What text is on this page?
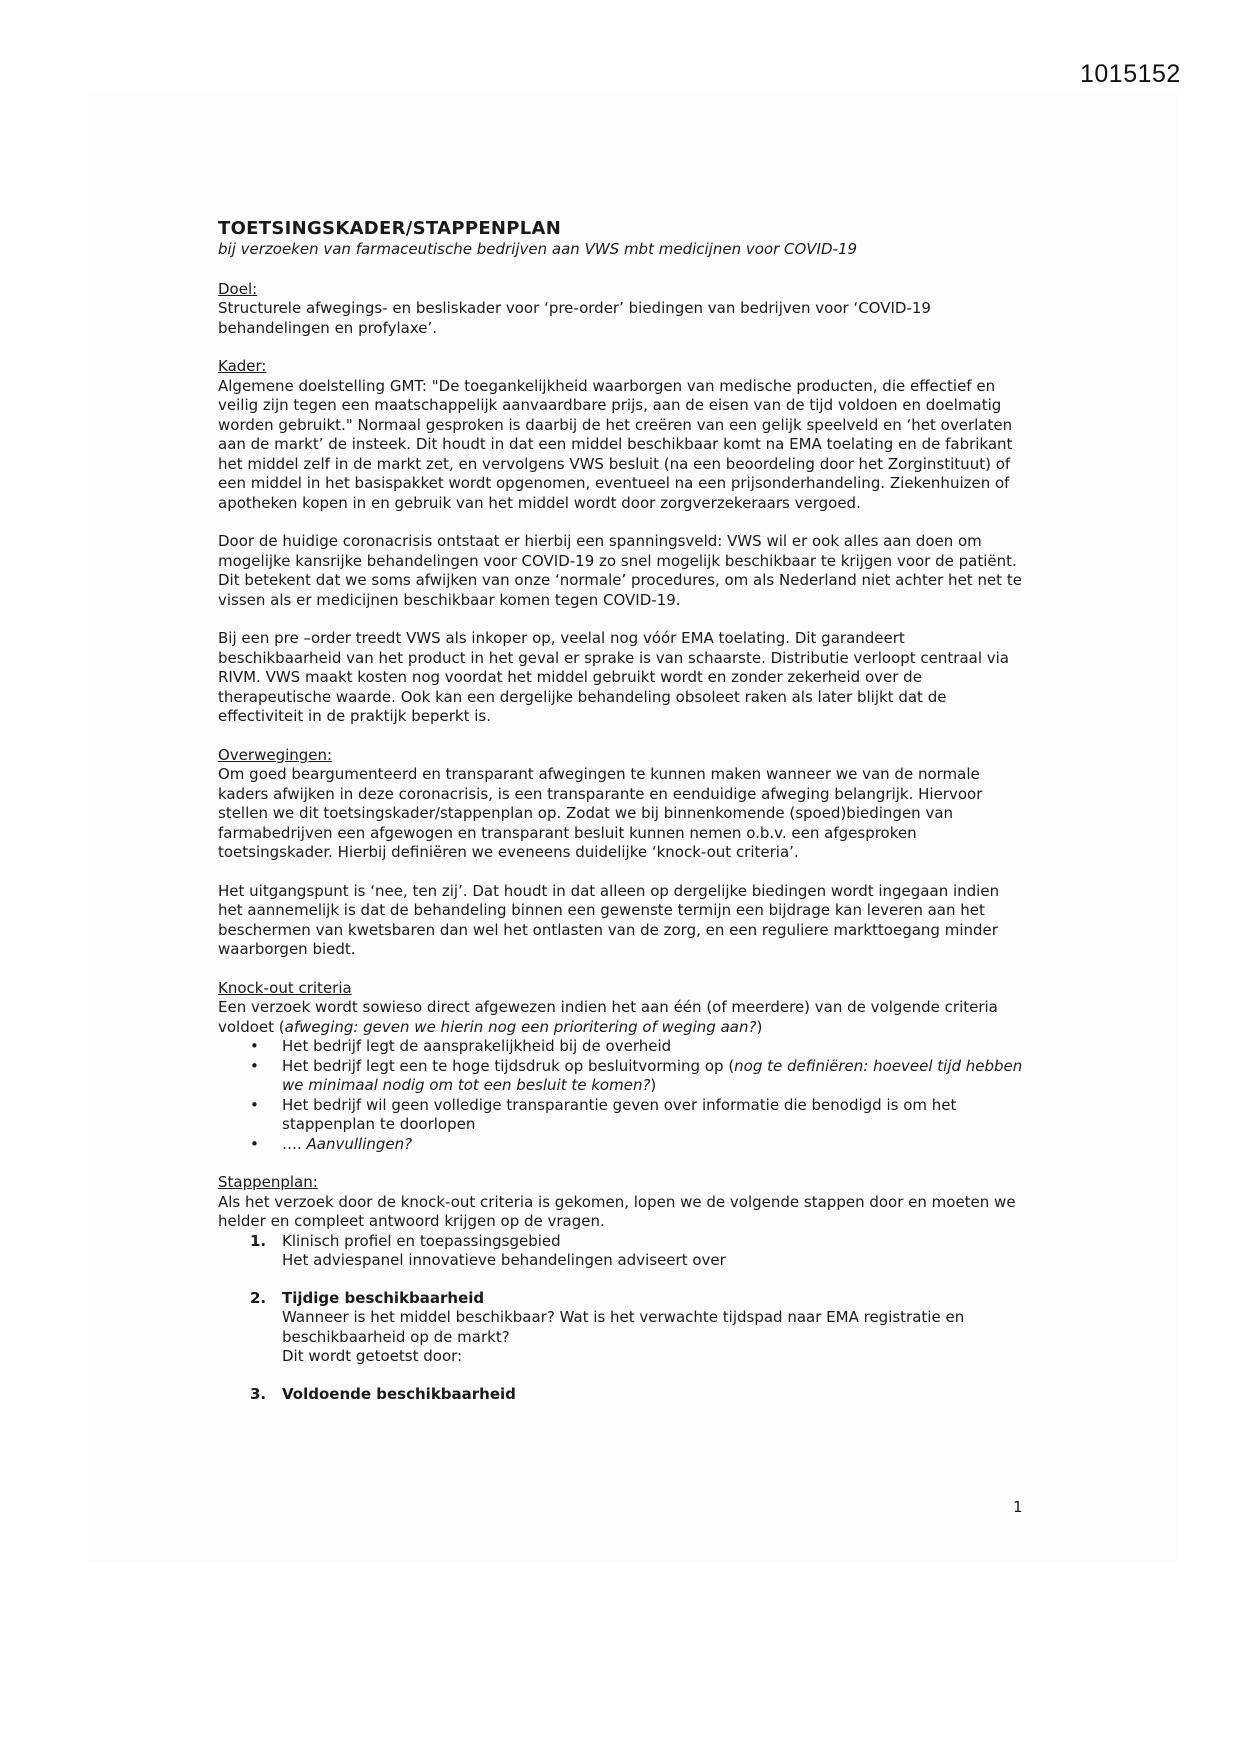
1015152

TOETSINGSKADER/STAPPENPLAN

bij verzoeken van farmaceutische bedrijven aan VWS mbt medicijnen voor COVID-19

Doel:

Structurele afwegings- en besliskader voor ‘pre-order’ biedingen van bedrijven voor ‘COVID-19 behandelingen en profylaxe’.

Kader:

Algemene doelstelling GMT: "De toegankelijkheid waarborgen van medische producten, die effectief en veilig zijn tegen een maatschappelijk aanvaardbare prijs, aan de eisen van de tijd voldoen en doelmatig worden gebruikt." Normaal gesproken is daarbij de het creëren van een gelijk speelveld en ‘het overlaten aan de markt’ de insteek. Dit houdt in dat een middel beschikbaar komt na EMA toelating en de fabrikant het middel zelf in de markt zet, en vervolgens VWS besluit (na een beoordeling door het Zorginstituut) of een middel in het basispakket wordt opgenomen, eventueel na een prijsonderhandeling. Ziekenhuizen of apotheken kopen in en gebruik van het middel wordt door zorgverzekeraars vergoed.

Door de huidige coronacrisis ontstaat er hierbij een spanningsveld: VWS wil er ook alles aan doen om mogelijke kansrijke behandelingen voor COVID-19 zo snel mogelijk beschikbaar te krijgen voor de patiënt. Dit betekent dat we soms afwijken van onze ‘normale’ procedures, om als Nederland niet achter het net te vissen als er medicijnen beschikbaar komen tegen COVID-19.

Bij een pre –order treedt VWS als inkoper op, veelal nog vóór EMA toelating. Dit garandeert beschikbaarheid van het product in het geval er sprake is van schaarste. Distributie verloopt centraal via RIVM. VWS maakt kosten nog voordat het middel gebruikt wordt en zonder zekerheid over de therapeutische waarde. Ook kan een dergelijke behandeling obsoleet raken als later blijkt dat de effectiviteit in de praktijk beperkt is.

Overwegingen:

Om goed beargumenteerd en transparant afwegingen te kunnen maken wanneer we van de normale kaders afwijken in deze coronacrisis, is een transparante en eenduidige afweging belangrijk. Hiervoor stellen we dit toetsingskader/stappenplan op. Zodat we bij binnenkomende (spoed)biedingen van farmabedrijven een afgewogen en transparant besluit kunnen nemen o.b.v. een afgesproken toetsingskader. Hierbij definiëren we eveneens duidelijke ‘knock-out criteria’.

Het uitgangspunt is ‘nee, ten zij’. Dat houdt in dat alleen op dergelijke biedingen wordt ingegaan indien het aannemelijk is dat de behandeling binnen een gewenste termijn een bijdrage kan leveren aan het beschermen van kwetsbaren dan wel het ontlasten van de zorg, en een reguliere markttoegang minder waarborgen biedt.

Knock-out criteria

Een verzoek wordt sowieso direct afgewezen indien het aan één (of meerdere) van de volgende criteria voldoet (afweging: geven we hierin nog een prioritering of weging aan?)

• Het bedrijf legt de aansprakelijkheid bij de overheid
• Het bedrijf legt een te hoge tijdsdruk op besluitvorming op (nog te definiëren: hoeveel tijd hebben we minimaal nodig om tot een besluit te komen?)
• Het bedrijf wil geen volledige transparantie geven over informatie die benodigd is om het stappenplan te doorlopen
• …. Aanvullingen?

Stappenplan:

Als het verzoek door de knock-out criteria is gekomen, lopen we de volgende stappen door en moeten we helder en compleet antwoord krijgen op de vragen.

1. Klinisch profiel en toepassingsgebied
Het adviespanel innovatieve behandelingen adviseert over
2. Tijdige beschikbaarheid
Wanneer is het middel beschikbaar? Wat is het verwachte tijdspad naar EMA registratie en beschikbaarheid op de markt?
Dit wordt getoetst door:
3. Voldoende beschikbaarheid
1
